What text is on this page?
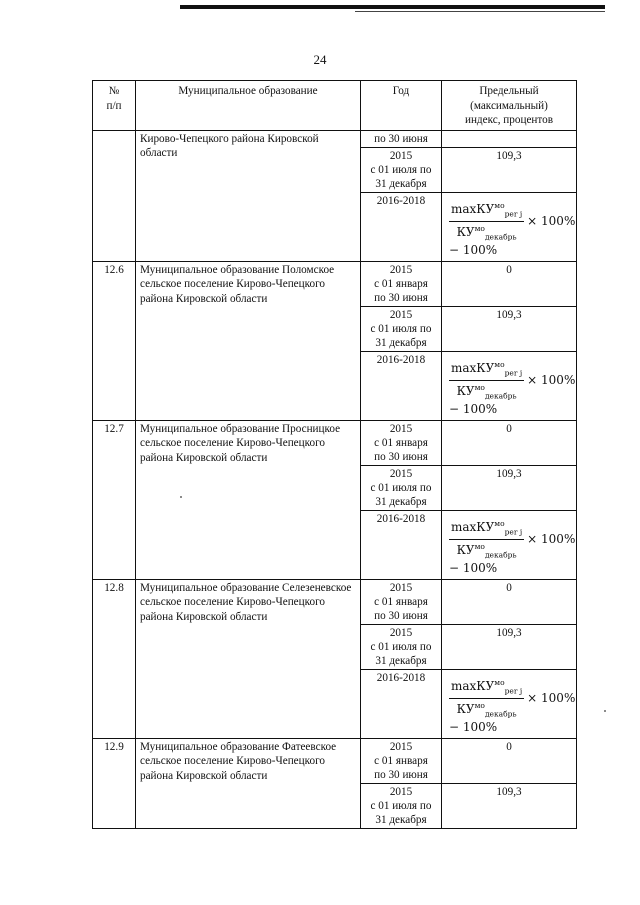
24
№
п/п	Муниципальное образование	Год	Предельный
(максимальный)
индекс, процентов
	Кирово-Чепецкого района Кировской области	по 30 июня	
		2015
с 01 июля по
31 декабря	109,3
		2016-2018	$\frac{\max КУ^{мо}_{per j}}{КУ^{мо}_{декабрь}} \times 100\%$
− 100%

12.6	Муниципальное образование Поломское сельское поселение Кирово-Чепецкого района Кировской области	2015
с 01 января
по 30 июня	0
		2015
с 01 июля по
31 декабря	109,3
		2016-2018	$\frac{\max КУ^{мо}_{per j}}{КУ^{мо}_{декабрь}} \times 100\%$
− 100%

12.7	Муниципальное образование Просницкое сельское поселение Кирово-Чепецкого района Кировской области	2015
с 01 января
по 30 июня	0
		2015
с 01 июля по
31 декабря	109,3
		2016-2018	$\frac{\max КУ^{мо}_{per j}}{КУ^{мо}_{декабрь}} \times 100\%$
− 100%

12.8	Муниципальное образование Селезеневское сельское поселение Кирово-Чепецкого района Кировской области	2015
с 01 января
по 30 июня	0
		2015
с 01 июля по
31 декабря	109,3
		2016-2018	$\frac{\max КУ^{мо}_{per j}}{КУ^{мо}_{декабрь}} \times 100\%$
− 100%

12.9	Муниципальное образование Фатеевское сельское поселение Кирово-Чепецкого района Кировской области	2015
с 01 января
по 30 июня	0
		2015
с 01 июля по
31 декабря	109,3
